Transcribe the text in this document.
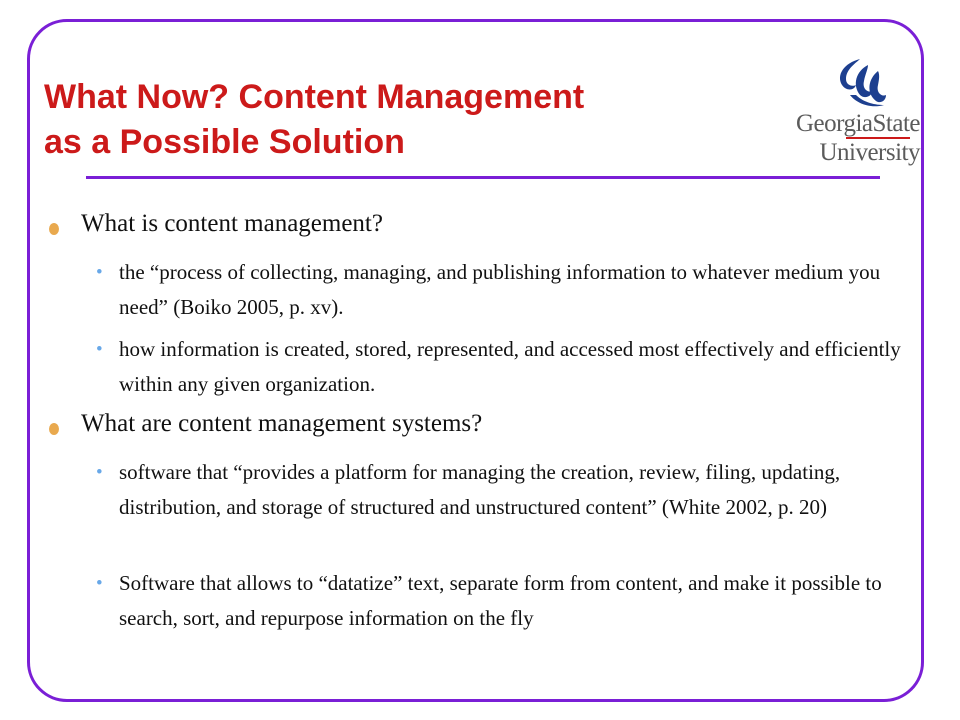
What Now? Content Management
as a Possible Solution	GeorgiaState
University
What is content management?
• the “process of collecting, managing, and publishing information to whatever medium you need” (Boiko 2005, p. xv).
• how information is created, stored, represented, and accessed most effectively and efficiently within any given organization.
What are content management systems?
• software that “provides a platform for managing the creation, review, filing, updating, distribution, and storage of structured and unstructured content” (White 2002, p. 20)
• Software that allows to “datatize” text, separate form from content, and make it possible to search, sort, and repurpose information on the fly
